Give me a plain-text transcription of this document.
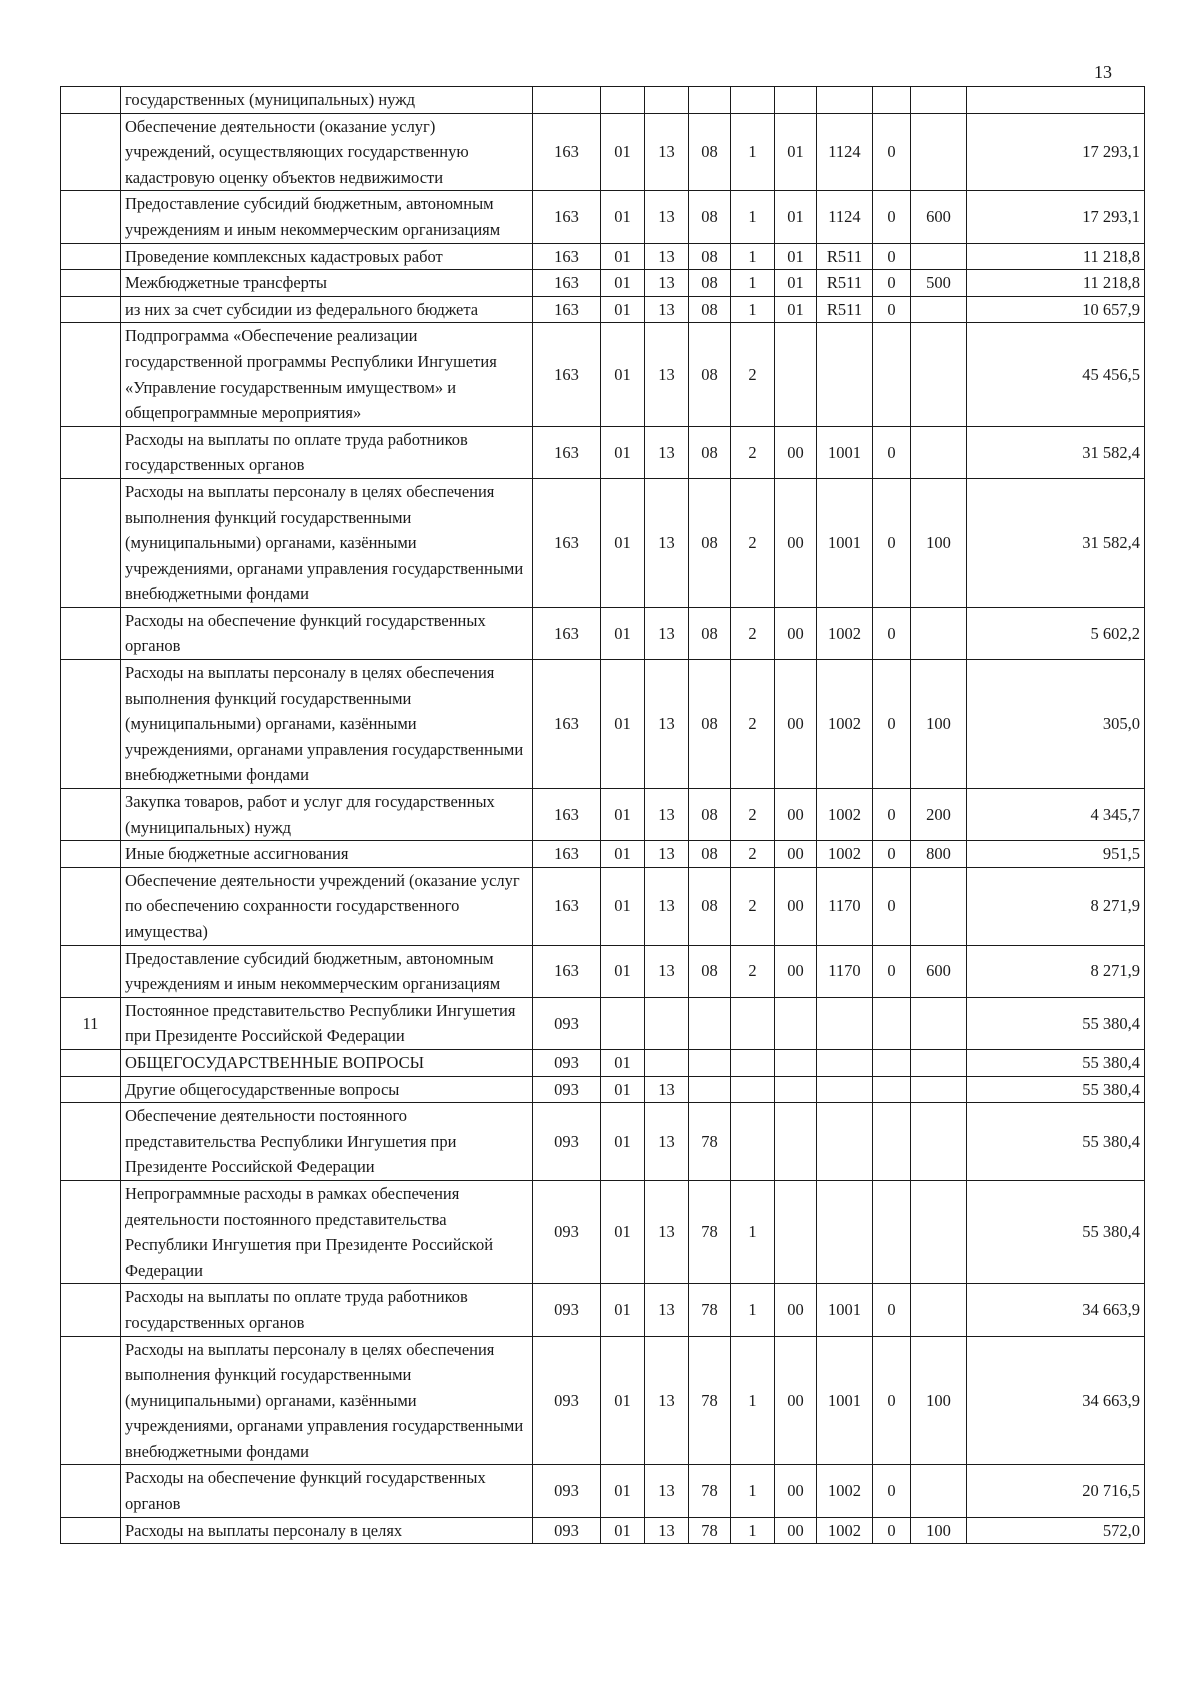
13
	государственных (муниципальных) нужд										
	Обеспечение деятельности (оказание услуг) учреждений, осуществляющих государственную кадастровую оценку объектов недвижимости	163	01	13	08	1	01	1124	0		17 293,1
	Предоставление субсидий бюджетным, автономным учреждениям и иным некоммерческим организациям	163	01	13	08	1	01	1124	0	600	17 293,1
	Проведение комплексных кадастровых работ	163	01	13	08	1	01	R511	0		11 218,8
	Межбюджетные трансферты	163	01	13	08	1	01	R511	0	500	11 218,8
	из них за счет субсидии из федерального бюджета	163	01	13	08	1	01	R511	0		10 657,9
	Подпрограмма «Обеспечение реализации государственной программы Республики Ингушетия «Управление государственным имуществом» и общепрограммные мероприятия»	163	01	13	08	2					45 456,5
	Расходы на выплаты по оплате труда работников государственных органов	163	01	13	08	2	00	1001	0		31 582,4
	Расходы на выплаты персоналу в целях обеспечения выполнения функций государственными (муниципальными) органами, казёнными учреждениями, органами управления государственными внебюджетными фондами	163	01	13	08	2	00	1001	0	100	31 582,4
	Расходы на обеспечение функций государственных органов	163	01	13	08	2	00	1002	0		5 602,2
	Расходы на выплаты персоналу в целях обеспечения выполнения функций государственными (муниципальными) органами, казёнными учреждениями, органами управления государственными внебюджетными фондами	163	01	13	08	2	00	1002	0	100	305,0
	Закупка товаров, работ и услуг для государственных (муниципальных) нужд	163	01	13	08	2	00	1002	0	200	4 345,7
	Иные бюджетные ассигнования	163	01	13	08	2	00	1002	0	800	951,5
	Обеспечение деятельности учреждений (оказание услуг по обеспечению сохранности государственного имущества)	163	01	13	08	2	00	1170	0		8 271,9
	Предоставление субсидий бюджетным, автономным учреждениям и иным некоммерческим организациям	163	01	13	08	2	00	1170	0	600	8 271,9
11	Постоянное представительство Республики Ингушетия при Президенте Российской Федерации	093									55 380,4
	ОБЩЕГОСУДАРСТВЕННЫЕ ВОПРОСЫ	093	01								55 380,4
	Другие общегосударственные вопросы	093	01	13							55 380,4
	Обеспечение деятельности постоянного представительства Республики Ингушетия при Президенте Российской Федерации	093	01	13	78						55 380,4
	Непрограммные расходы в рамках обеспечения деятельности постоянного представительства Республики Ингушетия при Президенте Российской Федерации	093	01	13	78	1					55 380,4
	Расходы на выплаты по оплате труда работников государственных органов	093	01	13	78	1	00	1001	0		34 663,9
	Расходы на выплаты персоналу в целях обеспечения выполнения функций государственными (муниципальными) органами, казёнными учреждениями, органами управления государственными внебюджетными фондами	093	01	13	78	1	00	1001	0	100	34 663,9
	Расходы на обеспечение функций государственных органов	093	01	13	78	1	00	1002	0		20 716,5
	Расходы на выплаты персоналу в целях	093	01	13	78	1	00	1002	0	100	572,0
